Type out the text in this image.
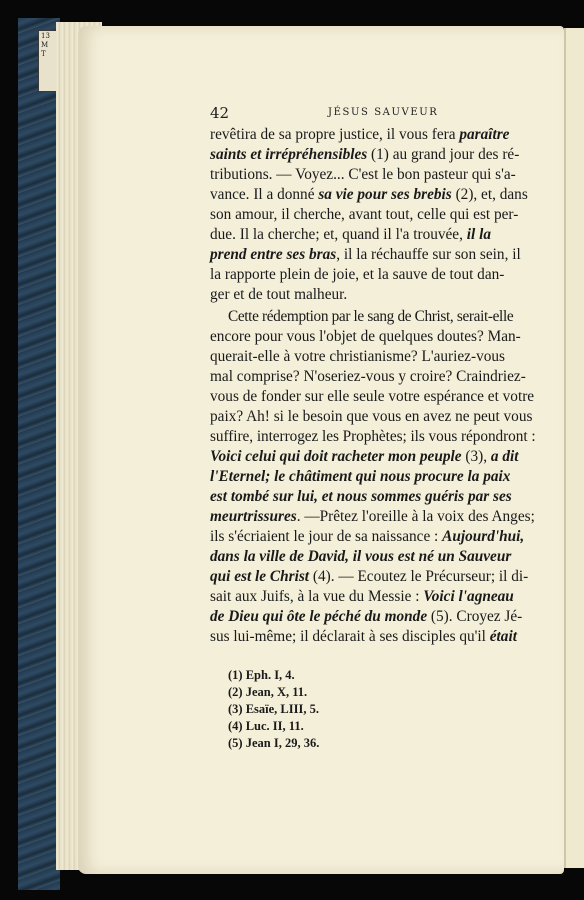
13 M T
42	JÉSUS SAUVEUR
revêtira de sa propre justice, il vous fera paraître
saints et irrépréhensibles (1) au grand jour des ré-
tributions. — Voyez... C'est le bon pasteur qui s'a-
vance. Il a donné sa vie pour ses brebis (2), et, dans
son amour, il cherche, avant tout, celle qui est per-
due. Il la cherche; et, quand il l'a trouvée, il la
prend entre ses bras, il la réchauffe sur son sein, il
la rapporte plein de joie, et la sauve de tout dan-
ger et de tout malheur.
Cette rédemption par le sang de Christ, serait-elle
encore pour vous l'objet de quelques doutes? Man-
querait-elle à votre christianisme? L'auriez-vous
mal comprise? N'oseriez-vous y croire? Craindriez-
vous de fonder sur elle seule votre espérance et votre
paix? Ah! si le besoin que vous en avez ne peut vous
suffire, interrogez les Prophètes; ils vous répondront :
Voici celui qui doit racheter mon peuple (3), a dit
l'Eternel; le châtiment qui nous procure la paix
est tombé sur lui, et nous sommes guéris par ses
meurtrissures. —Prêtez l'oreille à la voix des Anges;
ils s'écriaient le jour de sa naissance : Aujourd'hui,
dans la ville de David, il vous est né un Sauveur
qui est le Christ (4). — Ecoutez le Précurseur; il di-
sait aux Juifs, à la vue du Messie : Voici l'agneau
de Dieu qui ôte le péché du monde (5). Croyez Jé-
sus lui-même; il déclarait à ses disciples qu'il était
(1) Eph. I, 4.
(2) Jean, X, 11.
(3) Esaïe, LIII, 5.
(4) Luc. II, 11.
(5) Jean I, 29, 36.
